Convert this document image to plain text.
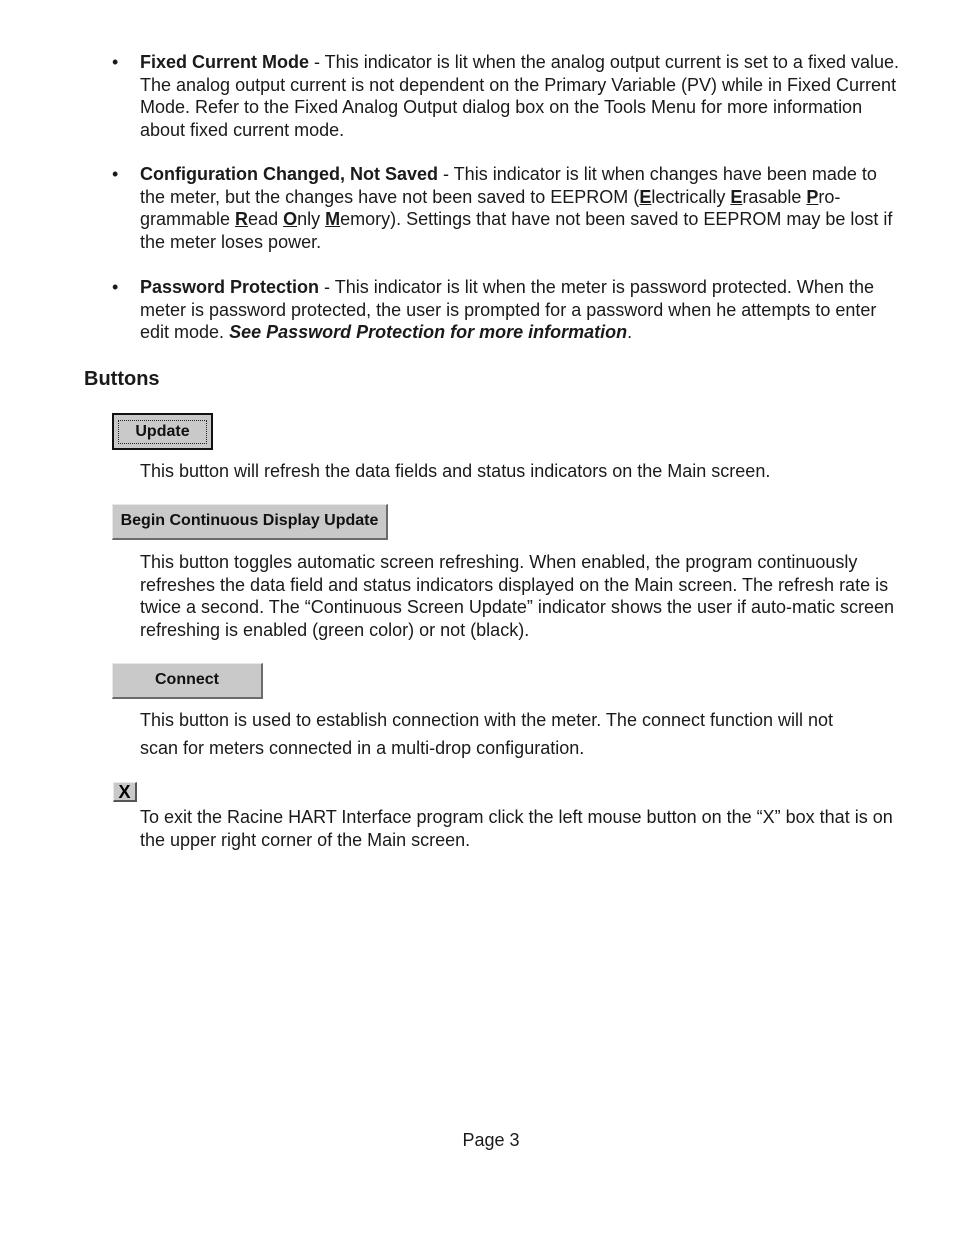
• Fixed Current Mode - This indicator is lit when the analog output current is set to a fixed value. The analog output current is not dependent on the Primary Variable (PV) while in Fixed Current Mode. Refer to the Fixed Analog Output dialog box on the Tools Menu for more information about fixed current mode.
• Configuration Changed, Not Saved - This indicator is lit when changes have been made to the meter, but the changes have not been saved to EEPROM (Electrically Erasable Pro-grammable Read Only Memory). Settings that have not been saved to EEPROM may be lost if the meter loses power.
• Password Protection - This indicator is lit when the meter is password protected. When the meter is password protected, the user is prompted for a password when he attempts to enter edit mode. See Password Protection for more information.
Buttons
Update
This button will refresh the data fields and status indicators on the Main screen.
Begin Continuous Display Update
This button toggles automatic screen refreshing. When enabled, the program continuously refreshes the data field and status indicators displayed on the Main screen. The refresh rate is twice a second. The “Continuous Screen Update” indicator shows the user if auto-matic screen refreshing is enabled (green color) or not (black).
Connect
This button is used to establish connection with the meter. The connect function will not
scan for meters connected in a multi-drop configuration.
X
To exit the Racine HART Interface program click the left mouse button on the “X” box that is on the upper right corner of the Main screen.
Page 3
